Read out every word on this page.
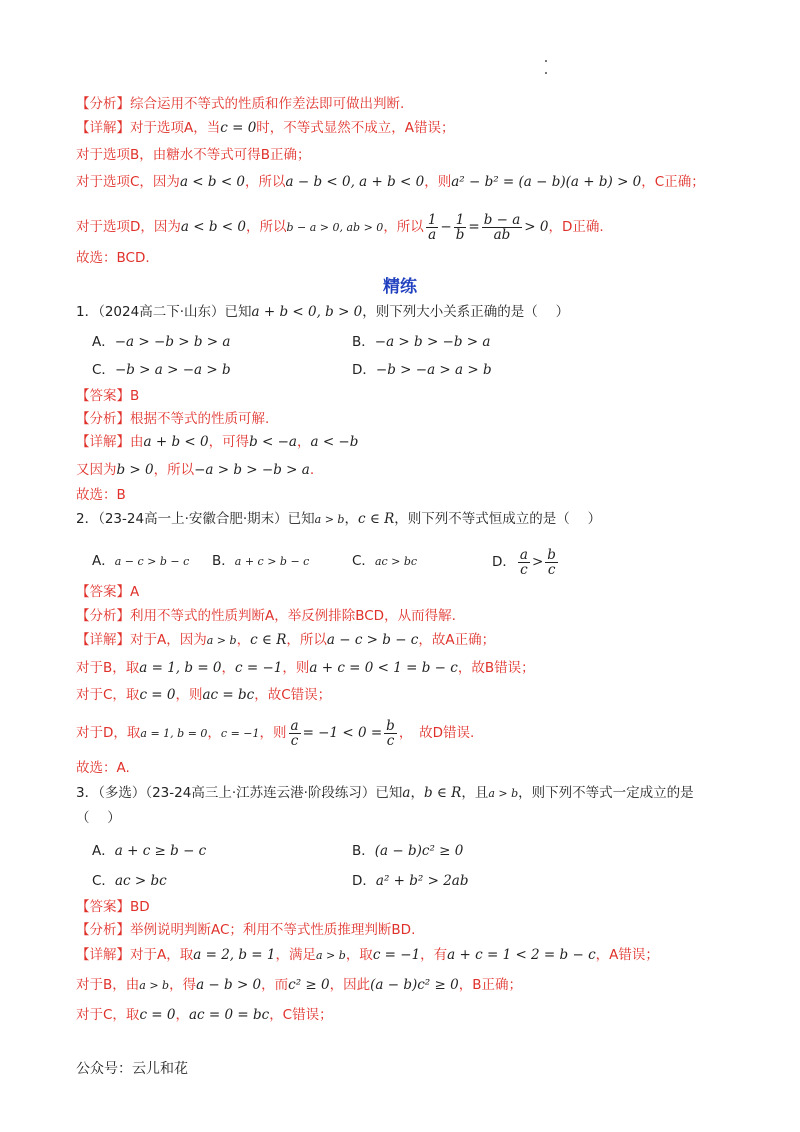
【分析】综合运用不等式的性质和作差法即可做出判断.
【详解】对于选项A，当c = 0时，不等式显然不成立，A错误；
对于选项B，由糖水不等式可得B正确；
对于选项C，因为a < b < 0，所以a − b < 0, a + b < 0，则a² − b² = (a − b)(a + b) > 0，C正确；
对于选项D，因为a < b < 0，所以b − a > 0, ab > 0，所以 $\frac{1}{a} - \frac{1}{b} = \frac{b - a}{ab} > 0$，D正确.
故选：BCD.
精练
1．（2024高二下·山东）已知a + b < 0, b > 0，则下列大小关系正确的是（　 ）
A．−a > −b > b > a	B．−a > b > −b > a
C．−b > a > −a > b	D．−b > −a > a > b
【答案】B
【分析】根据不等式的性质可解.
【详解】由a + b < 0，可得b < −a，a < −b
又因为b > 0，所以−a > b > −b > a.
故选：B
2．（23-24高一上·安徽合肥·期末）已知a > b，c ∈ R，则下列不等式恒成立的是（　 ）
A．a − c > b − c B．a + c > b − c	C．ac > bc	D． $\frac{a}{c} > \frac{b}{c}$
【答案】A
【分析】利用不等式的性质判断A，举反例排除BCD，从而得解.
【详解】对于A，因为a > b，c ∈ R，所以a − c > b − c，故A正确；
对于B，取a = 1, b = 0，c = −1，则a + c = 0 < 1 = b − c，故B错误；
对于C，取c = 0，则ac = bc，故C错误；
对于D，取a = 1, b = 0，c = −1，则 $\frac{a}{c} = -1 < 0 = \frac{b}{c}$ ，　故D错误.
故选：A.
3．（多选）（23-24高三上·江苏连云港·阶段练习）已知a，b ∈ R，且a > b，则下列不等式一定成立的是
（　 ）
A．a + c ≥ b − c	B．(a − b)c² ≥ 0
C．ac > bc	D．a² + b² > 2ab
【答案】BD
【分析】举例说明判断AC；利用不等式性质推理判断BD.
【详解】对于A，取a = 2, b = 1，满足a > b，取c = −1，有a + c = 1 < 2 = b − c，A错误；
对于B，由a > b，得a − b > 0，而c² ≥ 0，因此(a − b)c² ≥ 0，B正确；
对于C，取c = 0，ac = 0 = bc，C错误；
公众号：云儿和花
